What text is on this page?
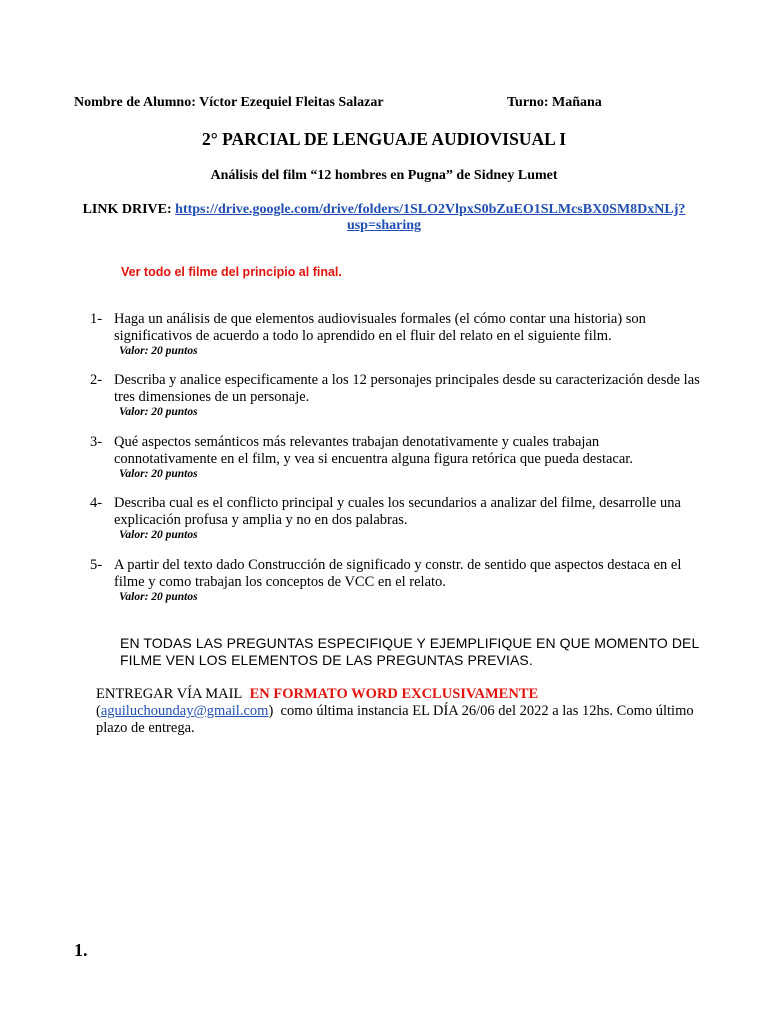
Nombre de Alumno: Víctor Ezequiel Fleitas Salazar	Turno: Mañana
2° PARCIAL DE LENGUAJE AUDIOVISUAL I
Análisis del film “12 hombres en Pugna” de Sidney Lumet
LINK DRIVE: https://drive.google.com/drive/folders/1SLO2VlpxS0bZuEO1SLMcsBX0SM8DxNLj?
usp=sharing
Ver todo el filme del principio al final.
1- Haga un análisis de que elementos audiovisuales formales (el cómo contar una historia) son significativos de acuerdo a todo lo aprendido en el fluir del relato en el siguiente film.
Valor: 20 puntos
2- Describa y analice especificamente a los 12 personajes principales desde su caracterización desde las tres dimensiones de un personaje.
Valor: 20 puntos
3- Qué aspectos semánticos más relevantes trabajan denotativamente y cuales trabajan connotativamente en el film, y vea si encuentra alguna figura retórica que pueda destacar.
Valor: 20 puntos
4- Describa cual es el conflicto principal y cuales los secundarios a analizar del filme, desarrolle una explicación profusa y amplia y no en dos palabras.
Valor: 20 puntos
5- A partir del texto dado Construcción de significado y constr. de sentido que aspectos destaca en el filme y como trabajan los conceptos de VCC en el relato.
Valor: 20 puntos
EN TODAS LAS PREGUNTAS ESPECIFIQUE Y EJEMPLIFIQUE EN QUE MOMENTO DEL FILME VEN LOS ELEMENTOS DE LAS PREGUNTAS PREVIAS.
ENTREGAR VÍA MAIL EN FORMATO WORD EXCLUSIVAMENTE
(aguiluchounday@gmail.com) como última instancia EL DÍA 26/06 del 2022 a las 12hs. Como último plazo de entrega.
1.
